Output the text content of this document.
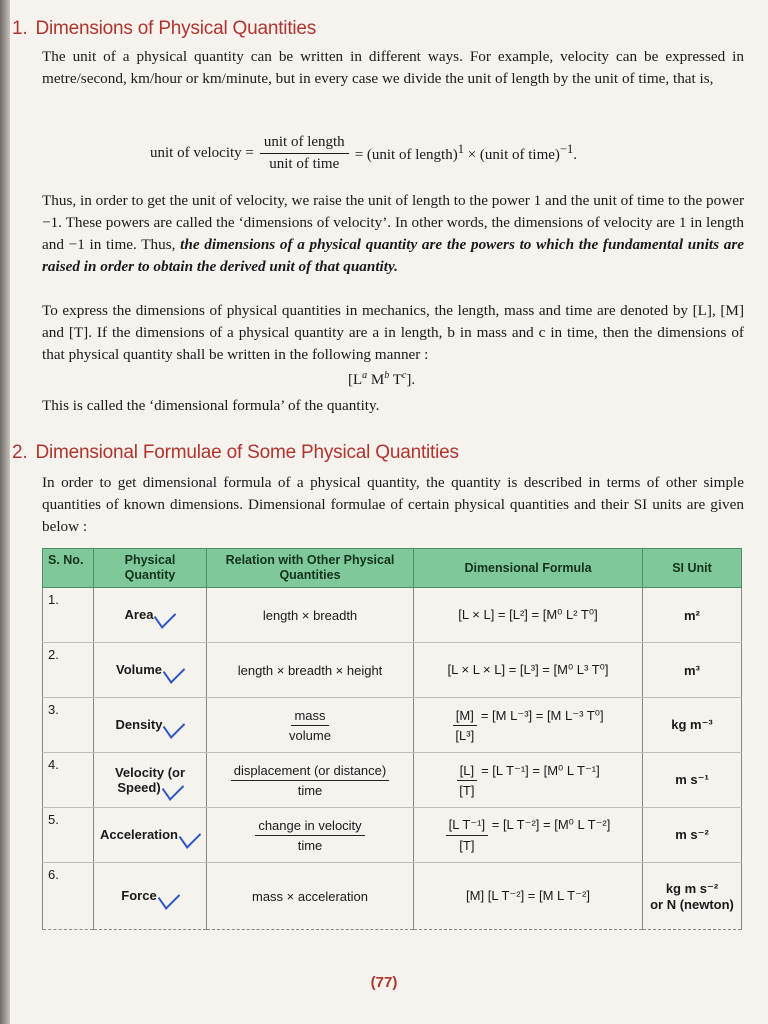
1. Dimensions of Physical Quantities
The unit of a physical quantity can be written in different ways. For example, velocity can be expressed in metre/second, km/hour or km/minute, but in every case we divide the unit of length by the unit of time, that is,
unit of velocity = $\frac{\text{unit of length}}{\text{unit of time}}$ = (unit of length)$^1$ × (unit of time)$^{-1}$.
Thus, in order to get the unit of velocity, we raise the unit of length to the power 1 and the unit of time to the power −1. These powers are called the ‘dimensions of velocity’. In other words, the dimensions of velocity are 1 in length and −1 in time. Thus, the dimensions of a physical quantity are the powers to which the fundamental units are raised in order to obtain the derived unit of that quantity.
To express the dimensions of physical quantities in mechanics, the length, mass and time are denoted by [L], [M] and [T]. If the dimensions of a physical quantity are a in length, b in mass and c in time, then the dimensions of that physical quantity shall be written in the following manner :
[$L^a$ $M^b$ $T^c$].
This is called the ‘dimensional formula’ of the quantity.
2. Dimensional Formulae of Some Physical Quantities
In order to get dimensional formula of a physical quantity, the quantity is described in terms of other simple quantities of known dimensions. Dimensional formulae of certain physical quantities and their SI units are given below :
S. No.	Physical Quantity	Relation with Other Physical Quantities	Dimensional Formula	SI Unit
1.	Area	length × breadth	[L × L] = [L²] = [M⁰ L² T⁰]	m²
2.	Volume	length × breadth × height	[L × L × L] = [L³] = [M⁰ L³ T⁰]	m³
3.	Density	mass
volume	$\frac{[M]}{\text{[L³]}} = [M$ L⁻³] = [M L⁻³ T⁰]	kg m⁻³
4.	Velocity (or Speed)	displacement (or distance)
time	$\frac{[L]}{[T]} = [L$ T⁻¹] = [M⁰ L T⁻¹]	m s⁻¹
5.	Acceleration	change in velocity
time	$\frac{\text{[L T⁻¹]}}{[T]} = [L$ T⁻²] = [M⁰ L T⁻²]	m s⁻²
6.	Force	mass × acceleration	[M] [L T⁻²] = [M L T⁻²]	kg m s⁻²
or N (newton)
(77)
